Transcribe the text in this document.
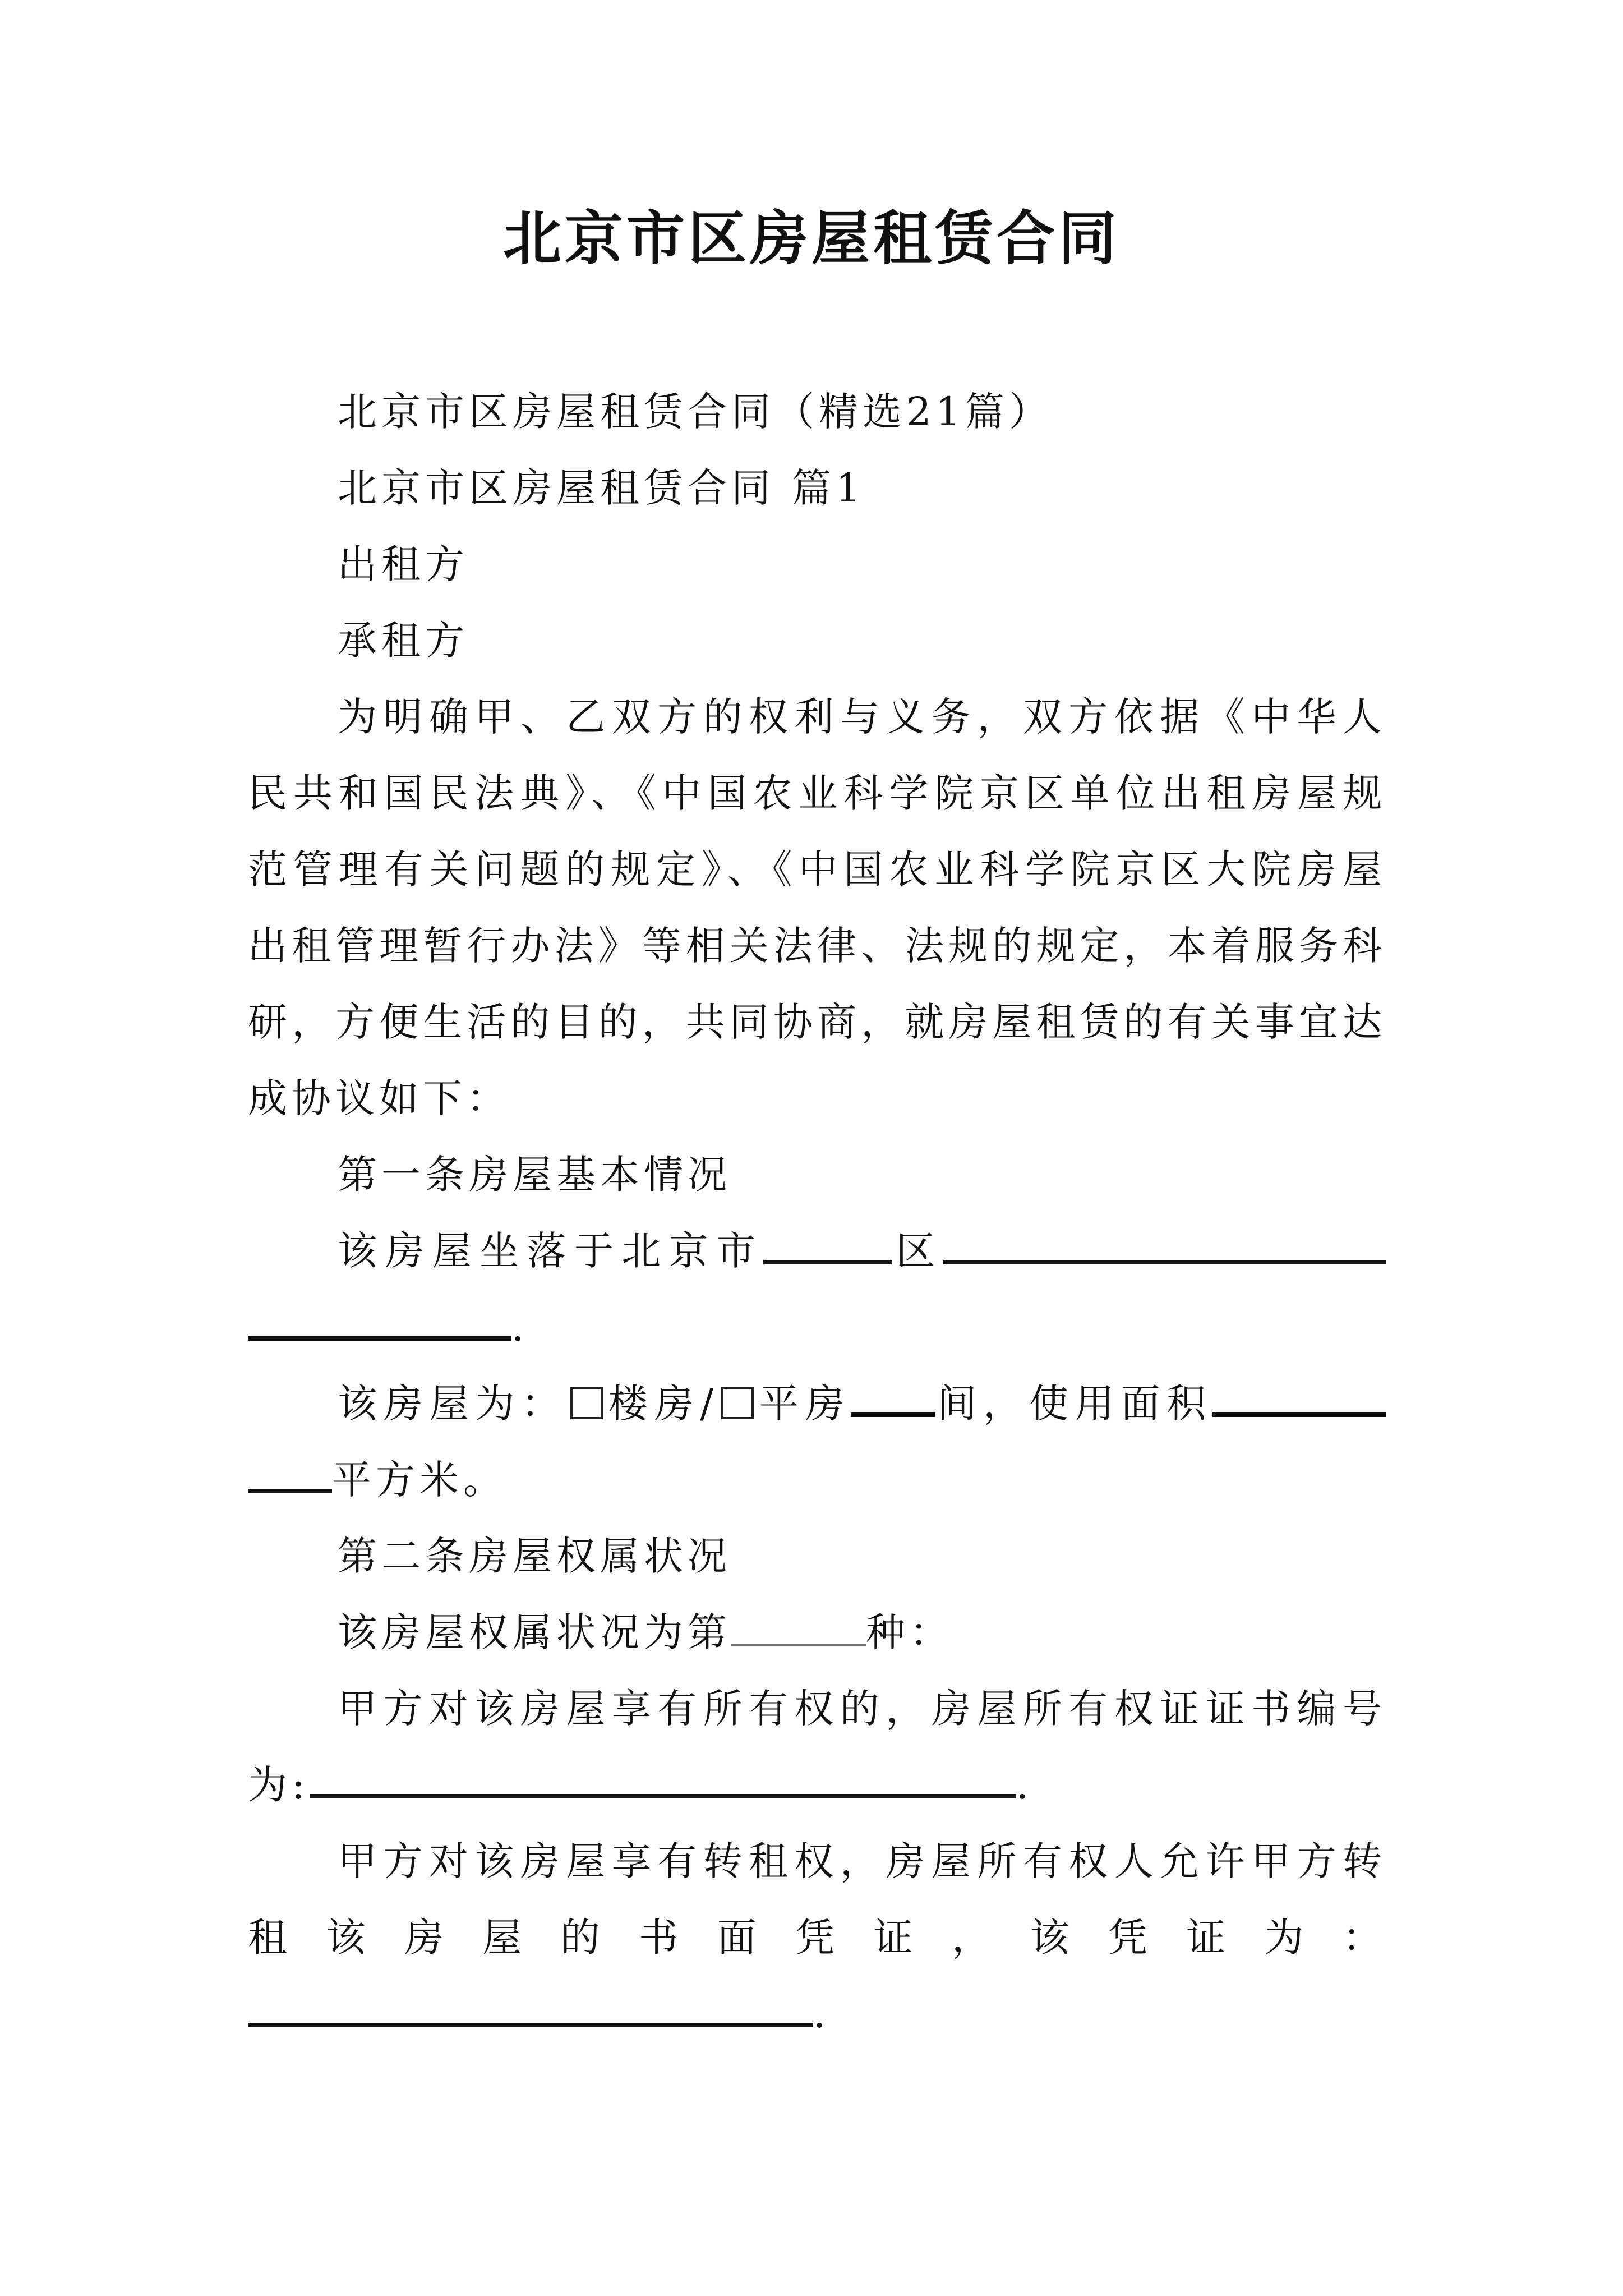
北京市区房屋租赁合同

北京市区房屋租赁合同（精选21篇）

北京市区房屋租赁合同 篇1

出租方

承租方

为明确甲、乙双方的权利与义务，双方依据《中华人民共和国民法典》、《中国农业科学院京区单位出租房屋规范管理有关问题的规定》、《中国农业科学院京区大院房屋出租管理暂行办法》等相关法律、法规的规定，本着服务科研，方便生活的目的，共同协商，就房屋租赁的有关事宜达成协议如下：

第一条房屋基本情况

该房屋坐落于北京市	区.

该房屋为： 楼房/ 平房 间，使用面积平方米。

第二条房屋权属状况

该房屋权属状况为第	种：

甲方对该房屋享有所有权的，房屋所有权证证书编号为:	.

甲方对该房屋享有转租权，房屋所有权人允许甲方转租该房屋的书面凭证，该凭证为：.
